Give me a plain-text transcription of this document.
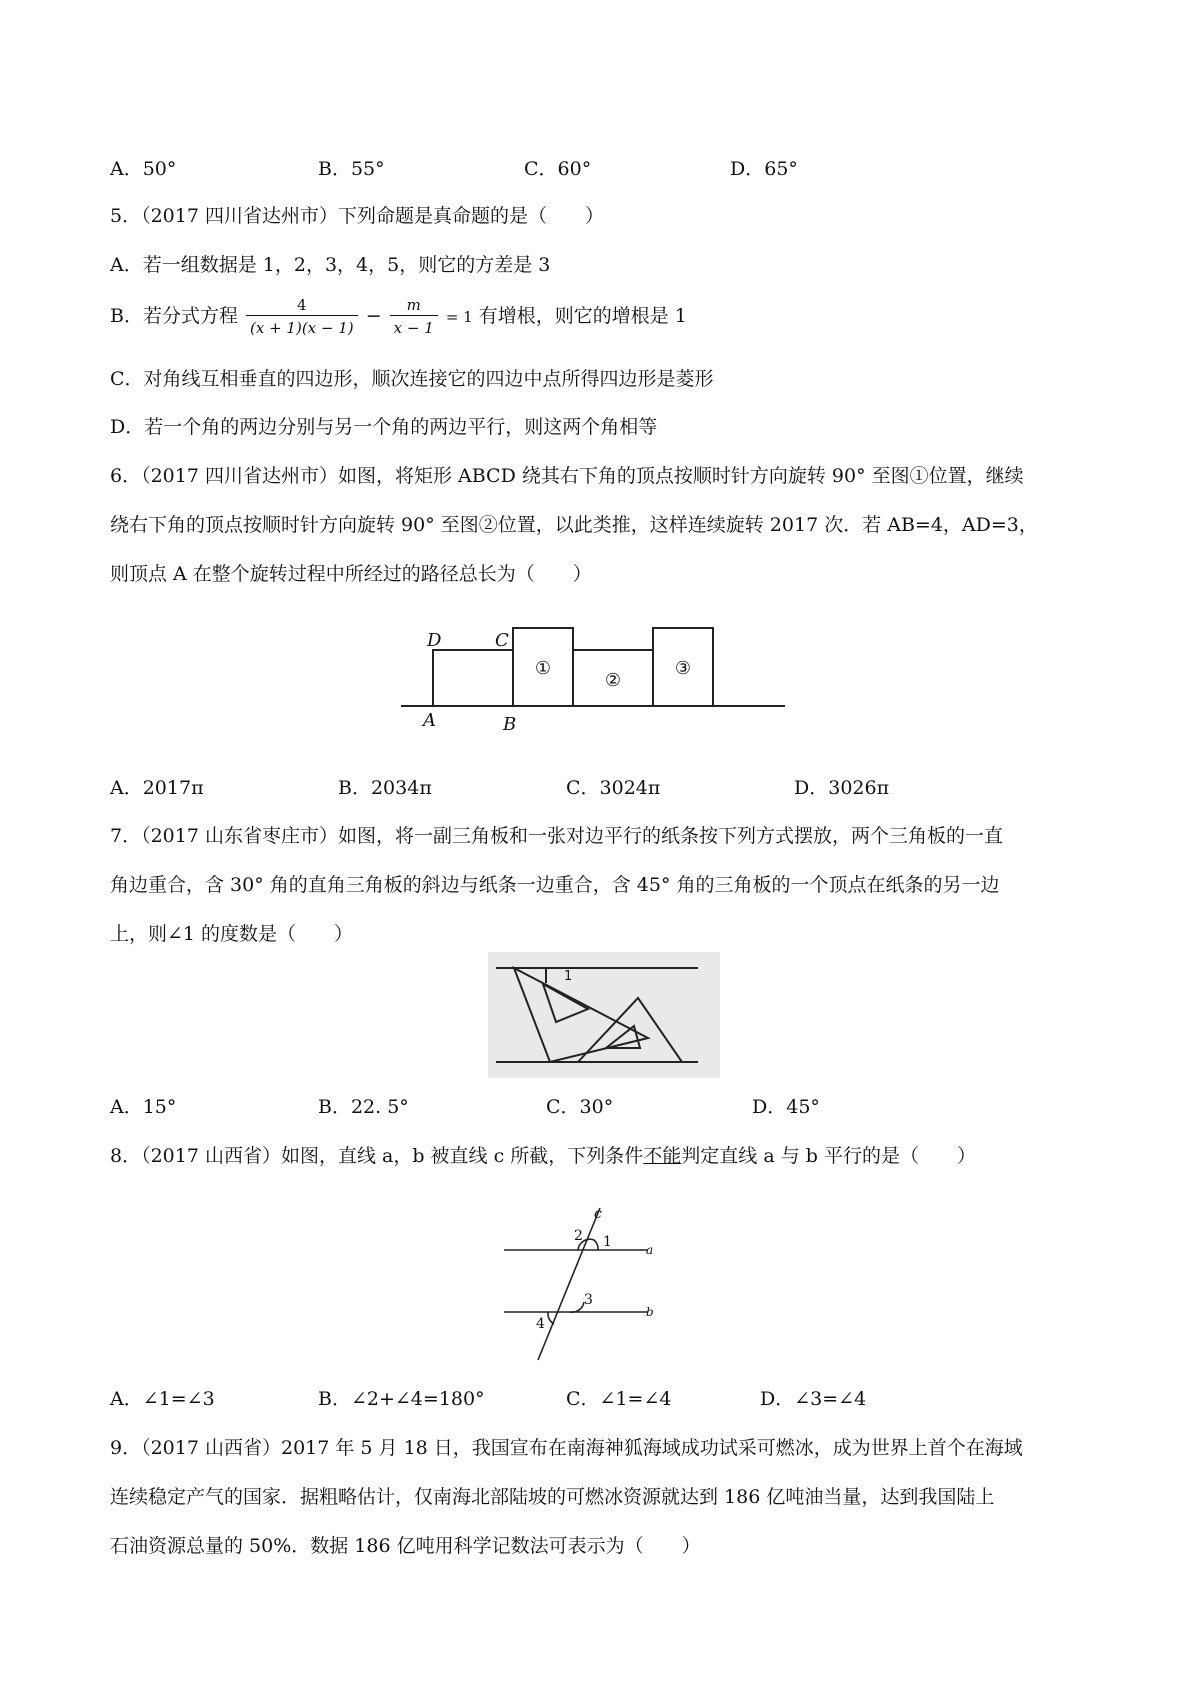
A．50°	B．55°	C．60°	D．65°
5．（2017 四川省达州市）下列命题是真命题的是（　　）
A．若一组数据是 1，2，3，4，5，则它的方差是 3
B．若分式方程 $\frac{4}{(x + 1)(x - 1)} - \frac{m}{x - 1} = 1$ 有增根，则它的增根是 1
C．对角线互相垂直的四边形，顺次连接它的四边中点所得四边形是菱形
D．若一个角的两边分别与另一个角的两边平行，则这两个角相等
6．（2017 四川省达州市）如图，将矩形 ABCD 绕其右下角的顶点按顺时针方向旋转 90° 至图①位置，继续
绕右下角的顶点按顺时针方向旋转 90° 至图②位置，以此类推，这样连续旋转 2017 次．若 AB=4，AD=3，
则顶点 A 在整个旋转过程中所经过的路径总长为（　　）
D	C
A	B
①
②
③
A．2017π	B．2034π	C．3024π	D．3026π
7．（2017 山东省枣庄市）如图，将一副三角板和一张对边平行的纸条按下列方式摆放，两个三角板的一直
角边重合，含 30° 角的直角三角板的斜边与纸条一边重合，含 45° 角的三角板的一个顶点在纸条的另一边
上，则∠1 的度数是（　　）
1
A．15°	B．22. 5°	C．30°	D．45°
8．（2017 山西省）如图，直线 a，b 被直线 c 所截，下列条件不能判定直线 a 与 b 平行的是（　　）
c
a
b
1
2
3
4
A．∠1=∠3	B．∠2+∠4=180°	C．∠1=∠4	D．∠3=∠4
9．（2017 山西省）2017 年 5 月 18 日，我国宣布在南海神狐海域成功试采可燃冰，成为世界上首个在海域
连续稳定产气的国家．据粗略估计，仅南海北部陆坡的可燃冰资源就达到 186 亿吨油当量，达到我国陆上
石油资源总量的 50%．数据 186 亿吨用科学记数法可表示为（　　）
